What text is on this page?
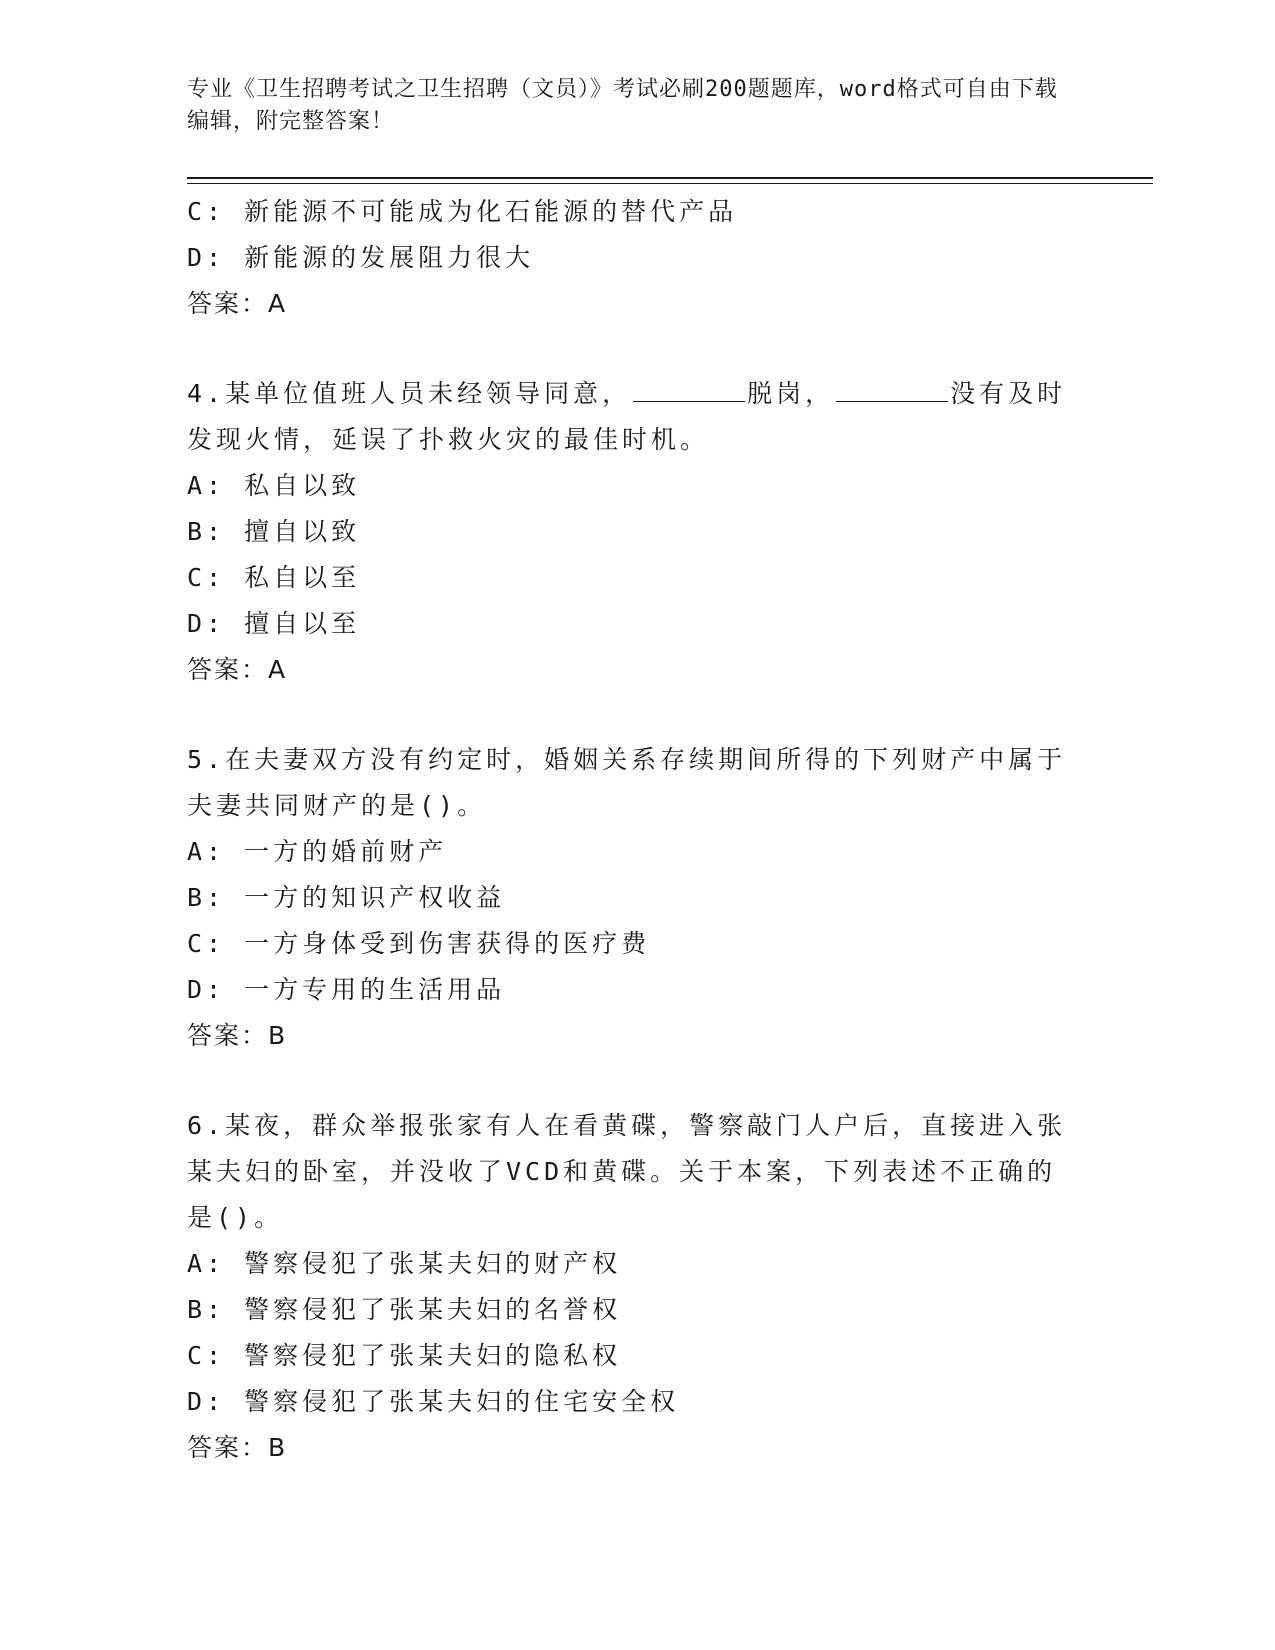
专业《卫生招聘考试之卫生招聘（文员）》考试必刷200题题库，word格式可自由下载编辑，附完整答案！
C: 新能源不可能成为化石能源的替代产品
D: 新能源的发展阻力很大
答案：A
4.某单位值班人员未经领导同意，	脱岗，	没有及时
发现火情，延误了扑救火灾的最佳时机。
A: 私自以致
B: 擅自以致
C: 私自以至
D: 擅自以至
答案：A
5.在夫妻双方没有约定时，婚姻关系存续期间所得的下列财产中属于
夫妻共同财产的是()。
A: 一方的婚前财产
B: 一方的知识产权收益
C: 一方身体受到伤害获得的医疗费
D: 一方专用的生活用品
答案：B
6.某夜，群众举报张家有人在看黄碟，警察敲门人户后，直接进入张
某夫妇的卧室，并没收了VCD和黄碟。关于本案，下列表述不正确的
是()。
A: 警察侵犯了张某夫妇的财产权
B: 警察侵犯了张某夫妇的名誉权
C: 警察侵犯了张某夫妇的隐私权
D: 警察侵犯了张某夫妇的住宅安全权
答案：B
